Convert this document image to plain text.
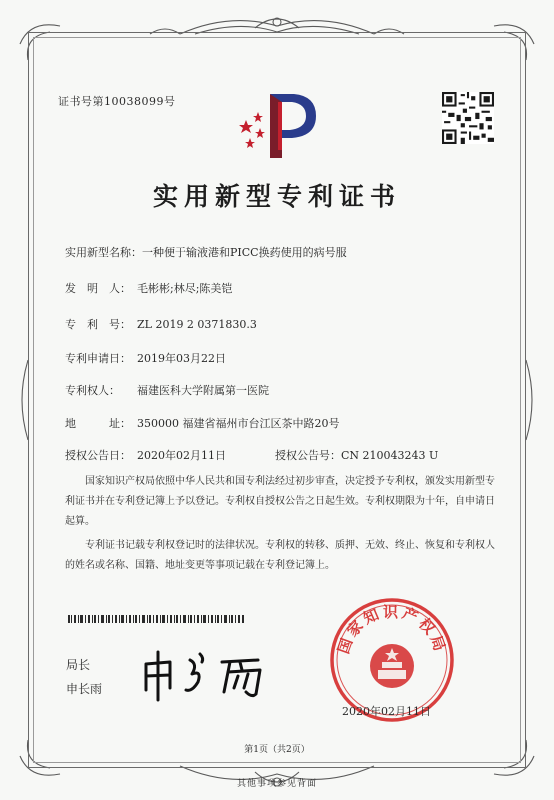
证书号第10038099号
实用新型专利证书
实用新型名称：一种便于输液港和PICC换药使用的病号服
发　明　人： 毛彬彬;林尽;陈美铠
专　利　号： ZL 2019 2 0371830.3
专利申请日： 2019年03月22日
专利权人： 福建医科大学附属第一医院
地　　　址： 350000 福建省福州市台江区茶中路20号
授权公告日： 2020年02月11日	授权公告号：CN 210043243 U
国家知识产权局依照中华人民共和国专利法经过初步审查，决定授予专利权，颁发实用新型专利证书并在专利登记簿上予以登记。专利权自授权公告之日起生效。专利权期限为十年，自申请日起算。
专利证书记载专利权登记时的法律状况。专利权的转移、质押、无效、终止、恢复和专利权人的姓名或名称、国籍、地址变更等事项记载在专利登记簿上。
局长
申长雨
国家知识产权局
2020年02月11日
第1页（共2页）
其他事项参见背面
